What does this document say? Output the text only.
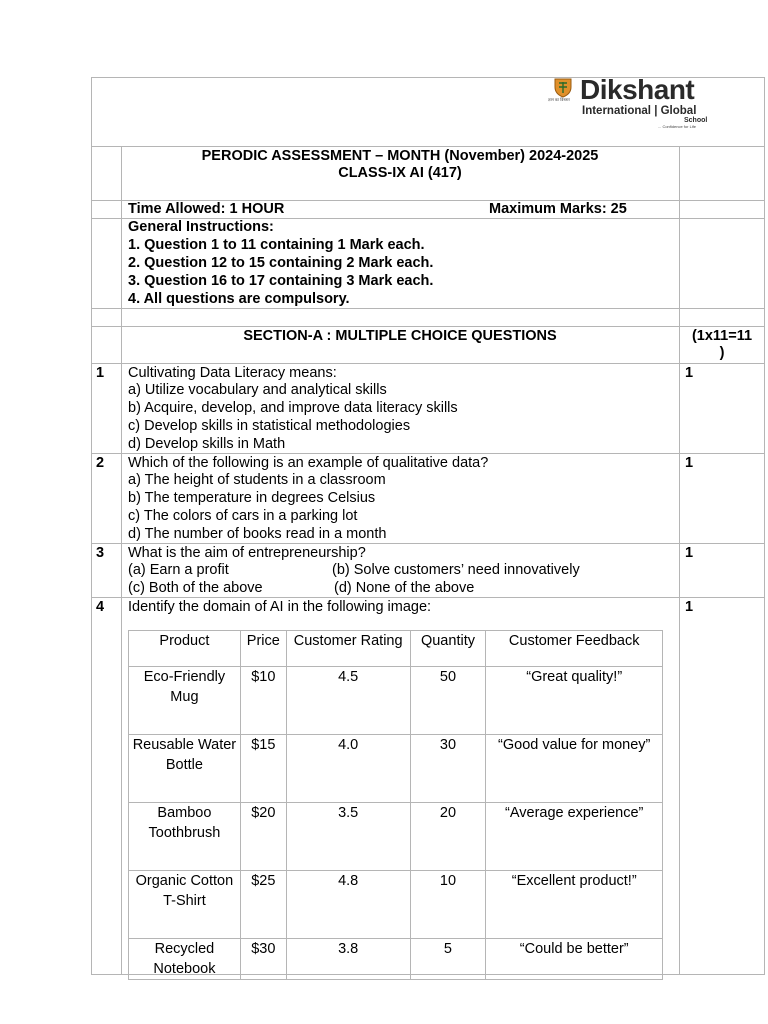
ज्ञान का विस्तार Dikshant
International | Global
School
... Confidence for Life
PERODIC ASSESSMENT – MONTH (November) 2024-2025
CLASS-IX AI (417)
Time Allowed: 1 HOUR	Maximum Marks: 25
General Instructions:
1. Question 1 to 11 containing 1 Mark each.
2. Question 12 to 15 containing 2 Mark each.
3. Question 16 to 17 containing 3 Mark each.
4. All questions are compulsory.
SECTION-A : MULTIPLE CHOICE QUESTIONS	(1x11=11
)
1 Cultivating Data Literacy means:
a) Utilize vocabulary and analytical skills
b) Acquire, develop, and improve data literacy skills
c) Develop skills in statistical methodologies
d) Develop skills in Math
1
2 Which of the following is an example of qualitative data?
a) The height of students in a classroom
b) The temperature in degrees Celsius
c) The colors of cars in a parking lot
d) The number of books read in a month
1
3 What is the aim of entrepreneurship?
(a) Earn a profit	(b) Solve customers’ need innovatively
(c) Both of the above	(d) None of the above
1
4 Identify the domain of AI in the following image:	1
Product	Price	Customer Rating	Quantity	Customer Feedback
Eco-Friendly Mug	$10	4.5	50	“Great quality!”
Reusable Water Bottle	$15	4.0	30	“Good value for money”
Bamboo Toothbrush	$20	3.5	20	“Average experience”
Organic Cotton T-Shirt	$25	4.8	10	“Excellent product!”
Recycled Notebook	$30	3.8	5	“Could be better”
